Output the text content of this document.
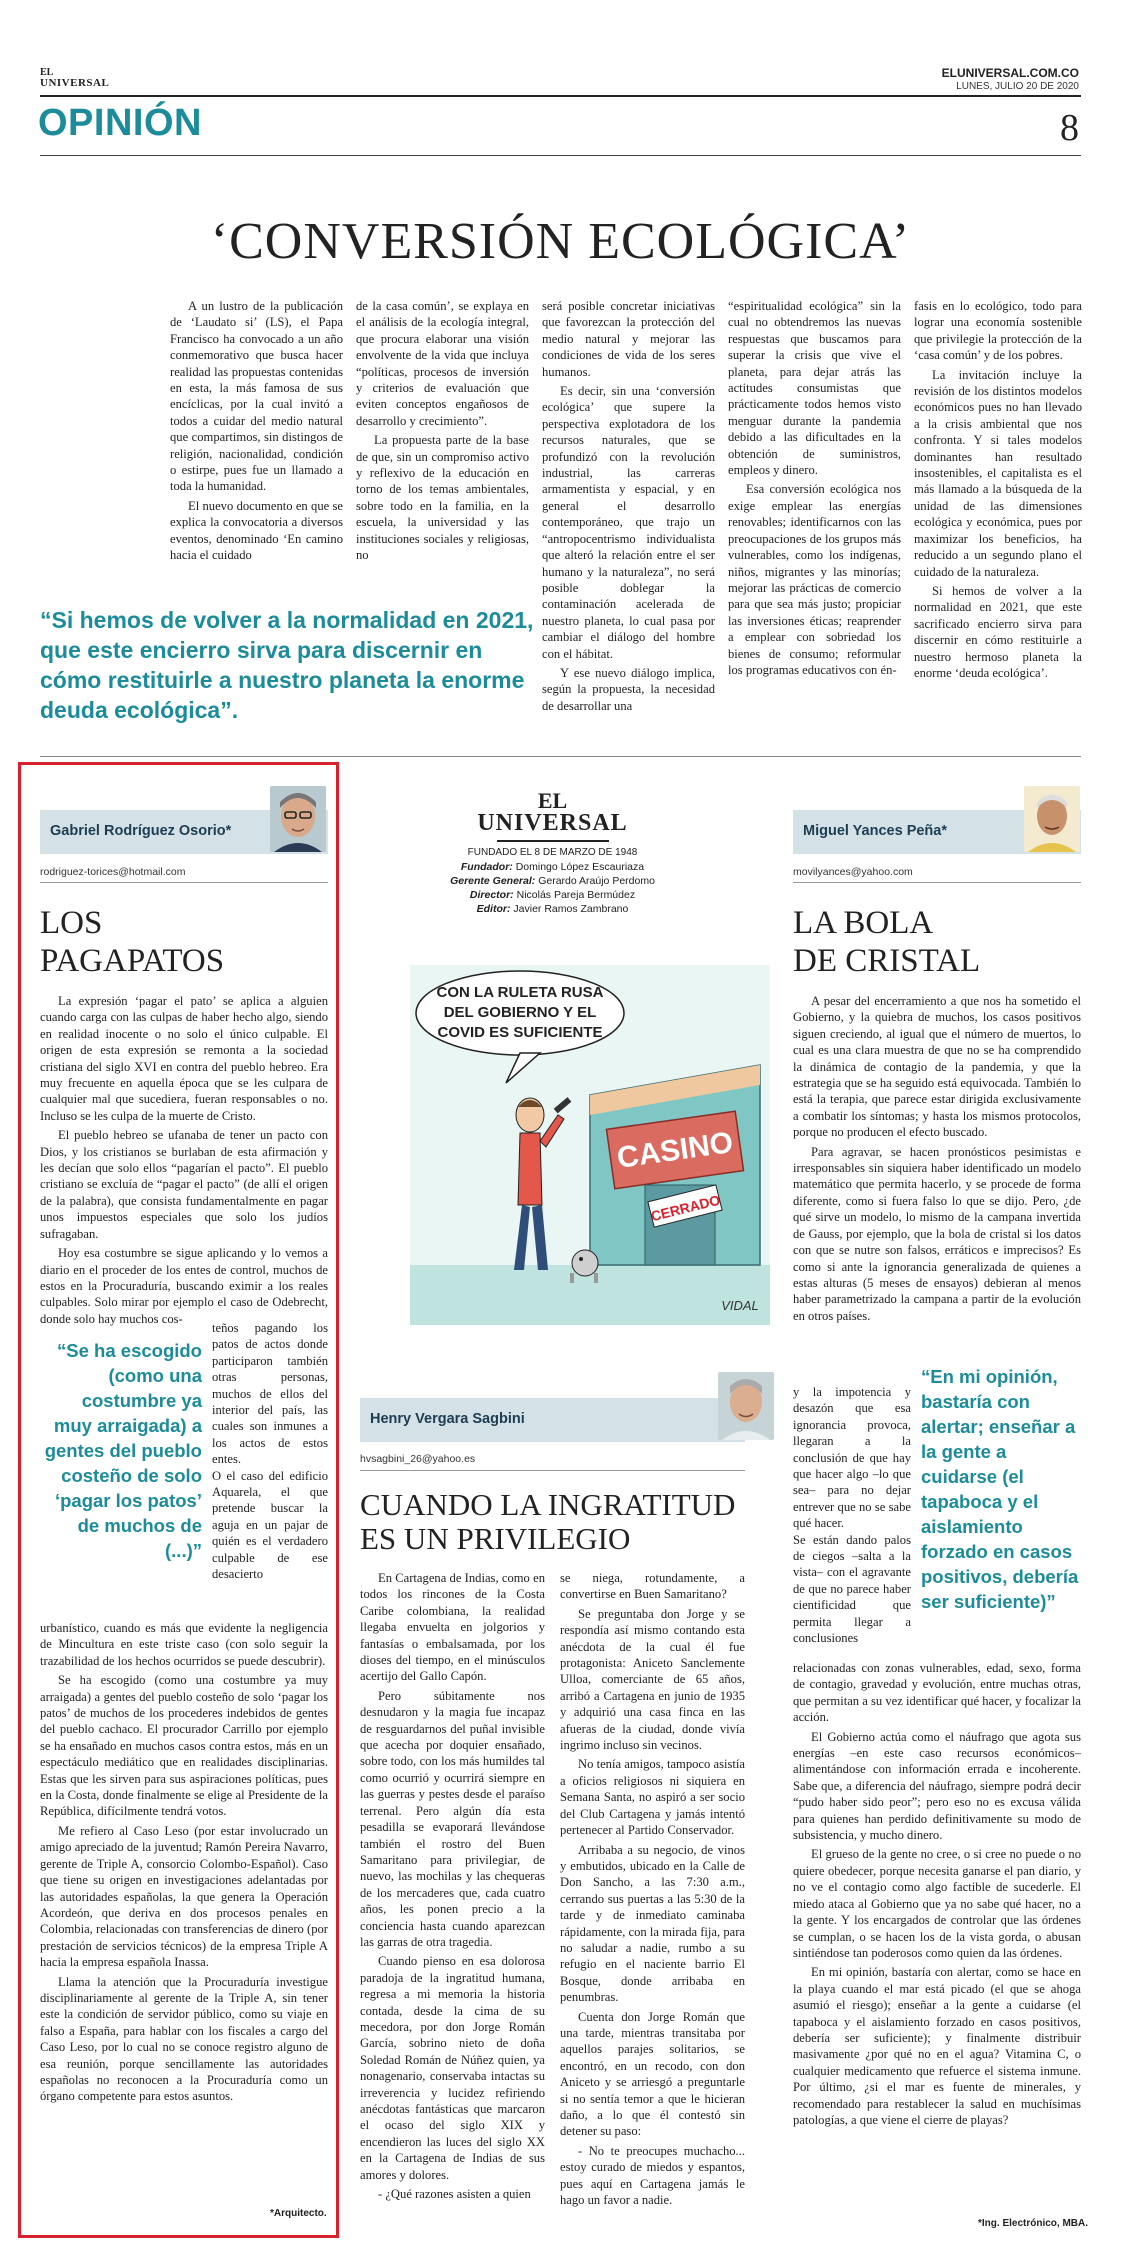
EL
UNIVERSAL
ELUNIVERSAL.COM.CO
LUNES, JULIO 20 DE 2020
OPINIÓN	8
‘CONVERSIÓN ECOLÓGICA’

A un lustro de la publicación de ‘Laudato si’ (LS), el Papa Francisco ha convocado a un año conmemorativo que busca hacer realidad las propuestas contenidas en esta, la más famosa de sus encíclicas, por la cual invitó a todos a cuidar del medio natural que compartimos, sin distingos de religión, nacionalidad, condición o estirpe, pues fue un llamado a toda la humanidad.

El nuevo documento en que se explica la convocatoria a diversos eventos, denominado ‘En camino hacia el cuidado

de la casa común’, se explaya en el análisis de la ecología integral, que procura elaborar una visión envolvente de la vida que incluya “políticas, procesos de inversión y criterios de evaluación que eviten conceptos engañosos de desarrollo y crecimiento”.

La propuesta parte de la base de que, sin un compromiso activo y reflexivo de la educación en torno de los temas ambientales, sobre todo en la familia, en la escuela, la universidad y las instituciones sociales y religiosas, no

será posible concretar iniciativas que favorezcan la protección del medio natural y mejorar las condiciones de vida de los seres humanos.

Es decir, sin una ‘conversión ecológica’ que supere la perspectiva explotadora de los recursos naturales, que se profundizó con la revolución industrial, las carreras armamentista y espacial, y en general el desarrollo contemporáneo, que trajo un “antropocentrismo individualista que alteró la relación entre el ser humano y la naturaleza”, no será posible doblegar la contaminación acelerada de nuestro planeta, lo cual pasa por cambiar el diálogo del hombre con el hábitat.

Y ese nuevo diálogo implica, según la propuesta, la necesidad de desarrollar una

“espiritualidad ecológica” sin la cual no obtendremos las nuevas respuestas que buscamos para superar la crisis que vive el planeta, para dejar atrás las actitudes consumistas que prácticamente todos hemos visto menguar durante la pandemia debido a las dificultades en la obtención de suministros, empleos y dinero.

Esa conversión ecológica nos exige emplear las energías renovables; identificarnos con las preocupaciones de los grupos más vulnerables, como los indígenas, niños, migrantes y las minorías; mejorar las prácticas de comercio para que sea más justo; propiciar las inversiones éticas; reaprender a emplear con sobriedad los bienes de consumo; reformular los programas educativos con én-

fasis en lo ecológico, todo para lograr una economía sostenible que privilegie la protección de la ‘casa común’ y de los pobres.

La invitación incluye la revisión de los distintos modelos económicos pues no han llevado a la crisis ambiental que nos confronta. Y si tales modelos dominantes han resultado insostenibles, el capitalista es el más llamado a la búsqueda de la unidad de las dimensiones ecológica y económica, pues por maximizar los beneficios, ha reducido a un segundo plano el cuidado de la naturaleza.

Si hemos de volver a la normalidad en 2021, que este sacrificado encierro sirva para discernir en cómo restituirle a nuestro hermoso planeta la enorme ‘deuda ecológica’.

“Si hemos de volver a la normalidad en 2021, que este encierro sirva para discernir en cómo restituirle a nuestro planeta la enorme deuda ecológica”.
Gabriel Rodríguez Osorio*
rodriguez-torices@hotmail.com
LOS
PAGAPATOS

La expresión ‘pagar el pato’ se aplica a alguien cuando carga con las culpas de haber hecho algo, siendo en realidad inocente o no solo el único culpable. El origen de esta expresión se remonta a la sociedad cristiana del siglo XVI en contra del pueblo hebreo. Era muy frecuente en aquella época que se les culpara de cualquier mal que sucediera, fueran responsables o no. Incluso se les culpa de la muerte de Cristo.

El pueblo hebreo se ufanaba de tener un pacto con Dios, y los cristianos se burlaban de esta afirmación y les decían que solo ellos “pagarían el pacto”. El pueblo cristiano se excluía de “pagar el pacto” (de allí el origen de la palabra), que consista fundamentalmente en pagar unos impuestos especiales que solo los judíos sufragaban.

Hoy esa costumbre se sigue aplicando y lo vemos a diario en el proceder de los entes de control, muchos de estos en la Procuraduría, buscando eximir a los reales culpables. Solo mirar por ejemplo el caso de Odebrecht, donde solo hay muchos cos-

“Se ha escogido (como una costumbre ya muy arraigada) a gentes del pueblo costeño de solo ‘pagar los patos’ de muchos de (...)”
teños pagando los patos de actos donde participaron también otras personas, muchos de ellos del interior del país, las cuales son inmunes a los actos de estos entes.
O el caso del edificio Aquarela, el que pretende buscar la aguja en un pajar de quién es el verdadero culpable de ese desacierto

urbanístico, cuando es más que evidente la negligencia de Mincultura en este triste caso (con solo seguir la trazabilidad de los hechos ocurridos se puede descubrir).

Se ha escogido (como una costumbre ya muy arraigada) a gentes del pueblo costeño de solo ‘pagar los patos’ de muchos de los procederes indebidos de gentes del pueblo cachaco. El procurador Carrillo por ejemplo se ha ensañado en muchos casos contra estos, más en un espectáculo mediático que en realidades disciplinarias. Estas que les sirven para sus aspiraciones políticas, pues en la Costa, donde finalmente se elige al Presidente de la República, difícilmente tendrá votos.

Me refiero al Caso Leso (por estar involucrado un amigo apreciado de la juventud; Ramón Pereira Navarro, gerente de Triple A, consorcio Colombo-Español). Caso que tiene su origen en investigaciones adelantadas por las autoridades españolas, la que genera la Operación Acordeón, que deriva en dos procesos penales en Colombia, relacionadas con transferencias de dinero (por prestación de servicios técnicos) de la empresa Triple A hacia la empresa española Inassa.

Llama la atención que la Procuraduría investigue disciplinariamente al gerente de la Triple A, sin tener este la condición de servidor público, como su viaje en falso a España, para hablar con los fiscales a cargo del Caso Leso, por lo cual no se conoce registro alguno de esa reunión, porque sencillamente las autoridades españolas no reconocen a la Procuraduría como un órgano competente para estos asuntos.

*Arquitecto.
EL
UNIVERSAL
FUNDADO EL 8 DE MARZO DE 1948
Fundador: Domingo López Escauriaza
Gerente General: Gerardo Araújo Perdomo
Director: Nicolás Pareja Bermúdez
Editor: Javier Ramos Zambrano
CON LA RULETA RUSA
DEL GOBIERNO Y EL
COVID ES SUFICIENTE
CASINO
CERRADO
VIDAL
Henry Vergara Sagbini
hvsagbini_26@yahoo.es
CUANDO LA INGRATITUD
ES UN PRIVILEGIO

En Cartagena de Indias, como en todos los rincones de la Costa Caribe colombiana, la realidad llegaba envuelta en jolgorios y fantasías o embalsamada, por los dioses del tiempo, en el minúsculos acertijo del Gallo Capón.

Pero súbitamente nos desnudaron y la magia fue incapaz de resguardarnos del puñal invisible que acecha por doquier ensañado, sobre todo, con los más humildes tal como ocurrió y ocurrirá siempre en las guerras y pestes desde el paraíso terrenal. Pero algún día esta pesadilla se evaporará llevándose también el rostro del Buen Samaritano para privilegiar, de nuevo, las mochilas y las chequeras de los mercaderes que, cada cuatro años, les ponen precio a la conciencia hasta cuando aparezcan las garras de otra tragedia.

Cuando pienso en esa dolorosa paradoja de la ingratitud humana, regresa a mi memoria la historia contada, desde la cima de su mecedora, por don Jorge Román García, sobrino nieto de doña Soledad Román de Núñez quien, ya nonagenario, conservaba intactas su irreverencia y lucidez refiriendo anécdotas fantásticas que marcaron el ocaso del siglo XIX y encendieron las luces del siglo XX en la Cartagena de Indias de sus amores y dolores.

- ¿Qué razones asisten a quien

se niega, rotundamente, a convertirse en Buen Samaritano?

Se preguntaba don Jorge y se respondía así mismo contando esta anécdota de la cual él fue protagonista: Aniceto Sanclemente Ulloa, comerciante de 65 años, arribó a Cartagena en junio de 1935 y adquirió una casa finca en las afueras de la ciudad, donde vivía ingrimo incluso sin vecinos.

No tenía amigos, tampoco asistía a oficios religiosos ni siquiera en Semana Santa, no aspiró a ser socio del Club Cartagena y jamás intentó pertenecer al Partido Conservador.

Arribaba a su negocio, de vinos y embutidos, ubicado en la Calle de Don Sancho, a las 7:30 a.m., cerrando sus puertas a las 5:30 de la tarde y de inmediato caminaba rápidamente, con la mirada fija, para no saludar a nadie, rumbo a su refugio en el naciente barrio El Bosque, donde arribaba en penumbras.

Cuenta don Jorge Román que una tarde, mientras transitaba por aquellos parajes solitarios, se encontró, en un recodo, con don Aniceto y se arriesgó a preguntarle si no sentía temor a que le hicieran daño, a lo que él contestó sin detener su paso:

- No te preocupes muchacho... estoy curado de miedos y espantos, pues aquí en Cartagena jamás le hago un favor a nadie.

Miguel Yances Peña*
movilyances@yahoo.com
LA BOLA
DE CRISTAL

A pesar del encerramiento a que nos ha sometido el Gobierno, y la quiebra de muchos, los casos positivos siguen creciendo, al igual que el número de muertos, lo cual es una clara muestra de que no se ha comprendido la dinámica de contagio de la pandemia, y que la estrategia que se ha seguido está equivocada. También lo está la terapia, que parece estar dirigida exclusivamente a combatir los síntomas; y hasta los mismos protocolos, porque no producen el efecto buscado.

Para agravar, se hacen pronósticos pesimistas e irresponsables sin siquiera haber identificado un modelo matemático que permita hacerlo, y se procede de forma diferente, como si fuera falso lo que se dijo. Pero, ¿de qué sirve un modelo, lo mismo de la campana invertida de Gauss, por ejemplo, que la bola de cristal si los datos con que se nutre son falsos, erráticos e imprecisos? Es como si ante la ignorancia generalizada de quienes a estas alturas (5 meses de ensayos) debieran al menos haber parametrizado la campana a partir de la evolución en otros países.

y la impotencia y desazón que esa ignorancia provoca, llegaran a la conclusión de que hay que hacer algo –lo que sea– para no dejar entrever que no se sabe qué hacer.
Se están dando palos de ciegos –salta a la vista– con el agravante de que no parece haber cientificidad que permita llegar a conclusiones
“En mi opinión, bastaría con alertar; enseñar a la gente a cuidarse (el tapaboca y el aislamiento forzado en casos positivos, debería ser suficiente)”

relacionadas con zonas vulnerables, edad, sexo, forma de contagio, gravedad y evolución, entre muchas otras, que permitan a su vez identificar qué hacer, y focalizar la acción.

El Gobierno actúa como el náufrago que agota sus energías –en este caso recursos económicos– alimentándose con información errada e incoherente. Sabe que, a diferencia del náufrago, siempre podrá decir “pudo haber sido peor”; pero eso no es excusa válida para quienes han perdido definitivamente su modo de subsistencia, y mucho dinero.

El grueso de la gente no cree, o si cree no puede o no quiere obedecer, porque necesita ganarse el pan diario, y no ve el contagio como algo factible de sucederle. El miedo ataca al Gobierno que ya no sabe qué hacer, no a la gente. Y los encargados de controlar que las órdenes se cumplan, o se hacen los de la vista gorda, o abusan sintiéndose tan poderosos como quien da las órdenes.

En mi opinión, bastaría con alertar, como se hace en la playa cuando el mar está picado (el que se ahoga asumió el riesgo); enseñar a la gente a cuidarse (el tapaboca y el aislamiento forzado en casos positivos, debería ser suficiente); y finalmente distribuir masivamente ¿por qué no en el agua? Vitamina C, o cualquier medicamento que refuerce el sistema inmune. Por último, ¿si el mar es fuente de minerales, y recomendado para restablecer la salud en muchísimas patologías, a que viene el cierre de playas?

*Ing. Electrónico, MBA.
